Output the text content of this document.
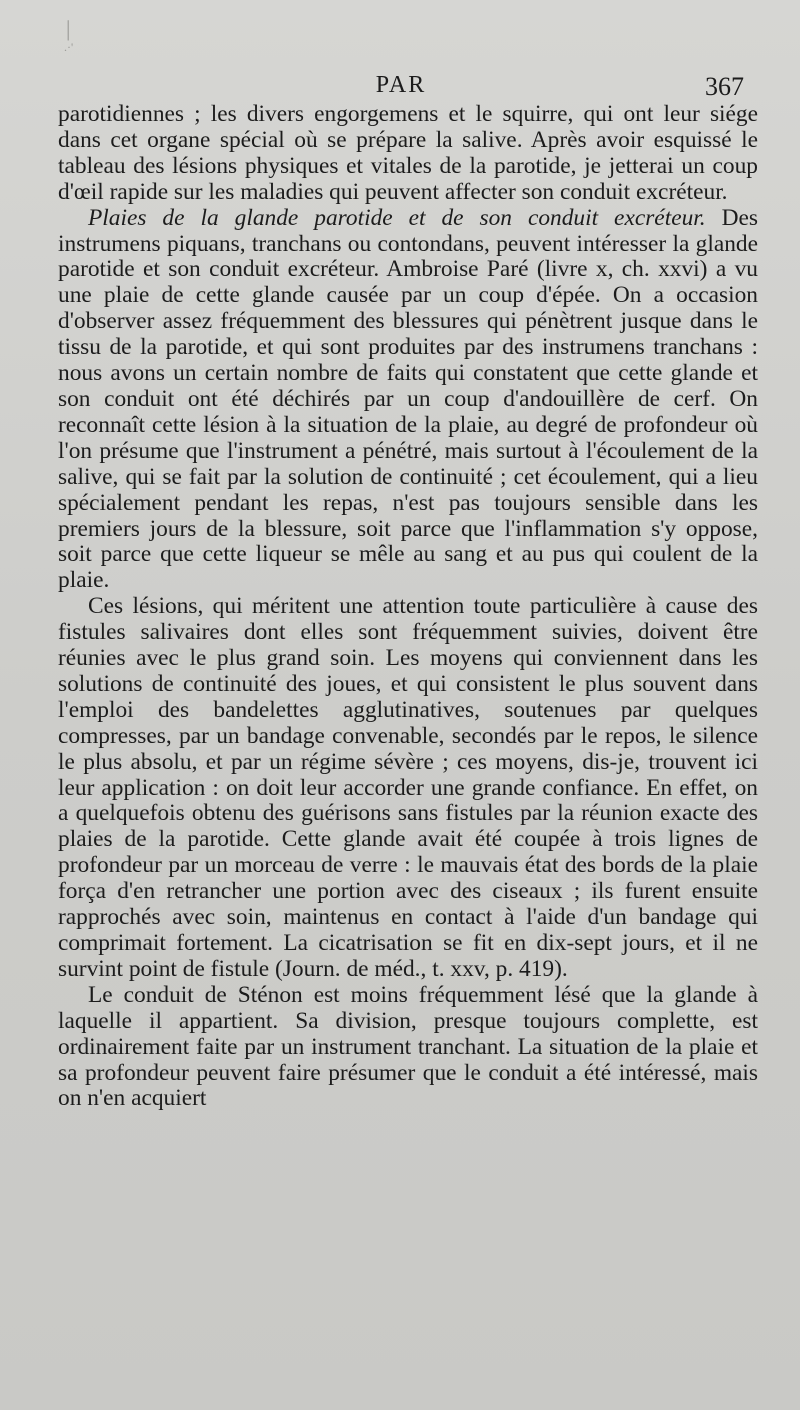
|
.·'
PAR	367

parotidiennes ; les divers engorgemens et le squirre, qui ont leur siége dans cet organe spécial où se prépare la salive. Après avoir esquissé le tableau des lésions physiques et vitales de la parotide, je jetterai un coup d'œil rapide sur les maladies qui peuvent affecter son conduit excréteur.

Plaies de la glande parotide et de son conduit excréteur. Des instrumens piquans, tranchans ou contondans, peuvent intéresser la glande parotide et son conduit excréteur. Ambroise Paré (livre x, ch. xxvi) a vu une plaie de cette glande causée par un coup d'épée. On a occasion d'observer assez fréquemment des blessures qui pénètrent jusque dans le tissu de la parotide, et qui sont produites par des instrumens tranchans : nous avons un certain nombre de faits qui constatent que cette glande et son conduit ont été déchirés par un coup d'andouillère de cerf. On reconnaît cette lésion à la situation de la plaie, au degré de profondeur où l'on présume que l'instrument a pénétré, mais surtout à l'écoulement de la salive, qui se fait par la solution de continuité ; cet écoulement, qui a lieu spécialement pendant les repas, n'est pas toujours sensible dans les premiers jours de la blessure, soit parce que l'inflammation s'y oppose, soit parce que cette liqueur se mêle au sang et au pus qui coulent de la plaie.

Ces lésions, qui méritent une attention toute particulière à cause des fistules salivaires dont elles sont fréquemment suivies, doivent être réunies avec le plus grand soin. Les moyens qui conviennent dans les solutions de continuité des joues, et qui consistent le plus souvent dans l'emploi des bandelettes agglutinatives, soutenues par quelques compresses, par un bandage convenable, secondés par le repos, le silence le plus absolu, et par un régime sévère ; ces moyens, dis-je, trouvent ici leur application : on doit leur accorder une grande confiance. En effet, on a quelquefois obtenu des guérisons sans fistules par la réunion exacte des plaies de la parotide. Cette glande avait été coupée à trois lignes de profondeur par un morceau de verre : le mauvais état des bords de la plaie força d'en retrancher une portion avec des ciseaux ; ils furent ensuite rapprochés avec soin, maintenus en contact à l'aide d'un bandage qui comprimait fortement. La cicatrisation se fit en dix-sept jours, et il ne survint point de fistule (Journ. de méd., t. xxv, p. 419).

Le conduit de Sténon est moins fréquemment lésé que la glande à laquelle il appartient. Sa division, presque toujours complette, est ordinairement faite par un instrument tranchant. La situation de la plaie et sa profondeur peuvent faire présumer que le conduit a été intéressé, mais on n'en acquiert
